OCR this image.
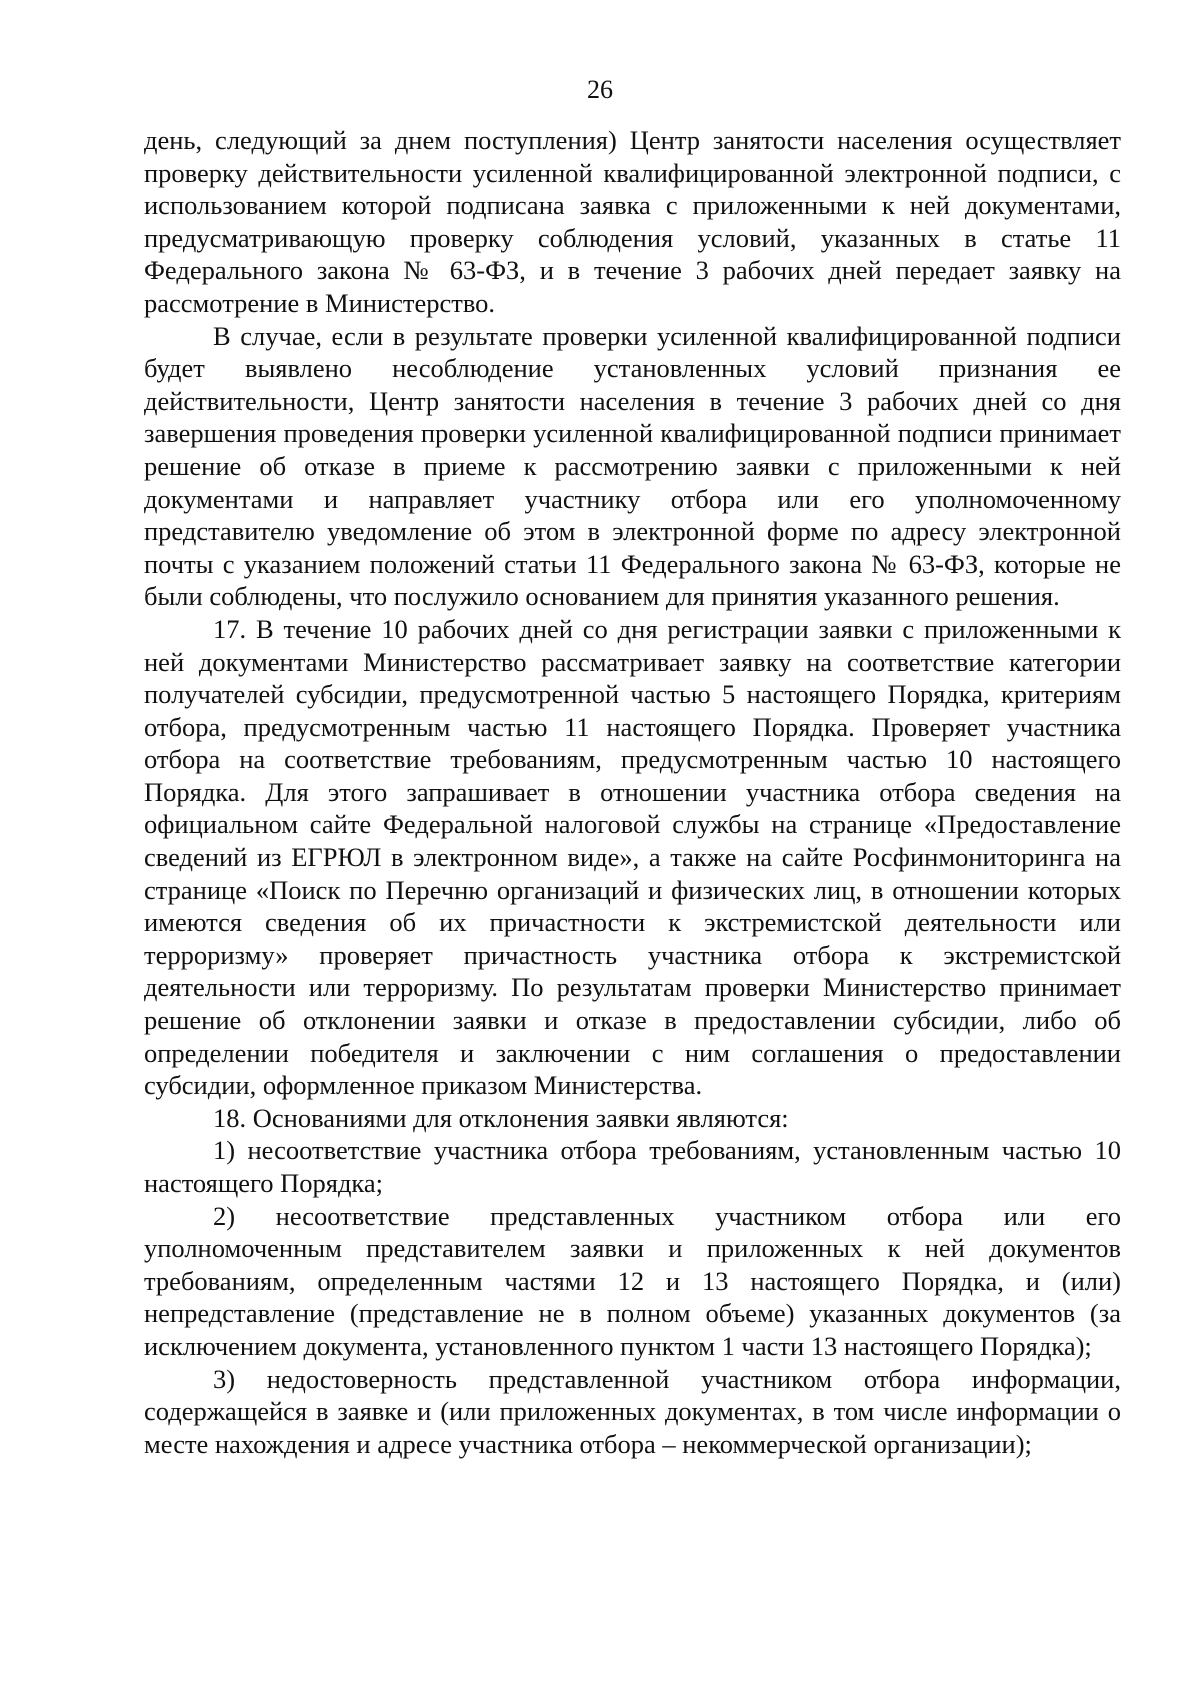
26

день, следующий за днем поступления) Центр занятости населения осуществляет проверку действительности усиленной квалифицированной электронной подписи, с использованием которой подписана заявка с приложенными к ней документами, предусматривающую проверку соблюдения условий, указанных в статье 11 Федерального закона № 63-ФЗ, и в течение 3 рабочих дней передает заявку на рассмотрение в Министерство.

В случае, если в результате проверки усиленной квалифицированной подписи будет выявлено несоблюдение установленных условий признания ее действительности, Центр занятости населения в течение 3 рабочих дней со дня завершения проведения проверки усиленной квалифицированной подписи принимает решение об отказе в приеме к рассмотрению заявки с приложенными к ней документами и направляет участнику отбора или его уполномоченному представителю уведомление об этом в электронной форме по адресу электронной почты с указанием положений статьи 11 Федерального закона № 63-ФЗ, которые не были соблюдены, что послужило основанием для принятия указанного решения.

17. В течение 10 рабочих дней со дня регистрации заявки с приложенными к ней документами Министерство рассматривает заявку на соответствие категории получателей субсидии, предусмотренной частью 5 настоящего Порядка, критериям отбора, предусмотренным частью 11 настоящего Порядка. Проверяет участника отбора на соответствие требованиям, предусмотренным частью 10 настоящего Порядка. Для этого запрашивает в отношении участника отбора сведения на официальном сайте Федеральной налоговой службы на странице «Предоставление сведений из ЕГРЮЛ в электронном виде», а также на сайте Росфинмониторинга на странице «Поиск по Перечню организаций и физических лиц, в отношении которых имеются сведения об их причастности к экстремистской деятельности или терроризму» проверяет причастность участника отбора к экстремистской деятельности или терроризму. По результатам проверки Министерство принимает решение об отклонении заявки и отказе в предоставлении субсидии, либо об определении победителя и заключении с ним соглашения о предоставлении субсидии, оформленное приказом Министерства.

18. Основаниями для отклонения заявки являются:

1) несоответствие участника отбора требованиям, установленным частью 10 настоящего Порядка;

2) несоответствие представленных участником отбора или его уполномоченным представителем заявки и приложенных к ней документов требованиям, определенным частями 12 и 13 настоящего Порядка, и (или) непредставление (представление не в полном объеме) указанных документов (за исключением документа, установленного пунктом 1 части 13 настоящего Порядка);

3) недостоверность представленной участником отбора информации, содержащейся в заявке и (или приложенных документах, в том числе информации о месте нахождения и адресе участника отбора – некоммерческой организации);
